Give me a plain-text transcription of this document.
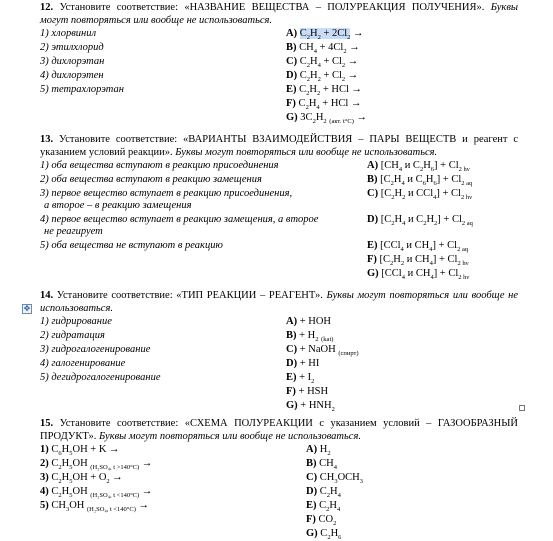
12. Установите соответствие: «НАЗВАНИЕ ВЕЩЕСТВА – ПОЛУРЕАКЦИЯ ПОЛУЧЕНИЯ». Буквы могут повторяться или вообще не использоваться.

1) хлорвинил
2) этилхлорид
3) дихлорэтан
4) дихлорэтен
5) тетрахлорэтан
A) $C_2H_2 + 2Cl_2$ →
B) $CH_4 + 4Cl_2$ →
C) $C_2H_4 + Cl_2$ →
D) $C_2H_2 + Cl_2$ →
E) $C_2H_2$ + HCl →
F) $C_2H_4$ + HCl →
G) $3C_2H_2$ $_{(акт. t^\circ C)}$ →

13. Установите соответствие: «ВАРИАНТЫ ВЗАИМОДЕЙСТВИЯ – ПАРЫ ВЕЩЕСТВ и реагент с указанием условий реакции». Буквы могут повторяться или вообще не использоваться.

1) оба вещества вступают в реакцию присоединения
2) оба вещества вступают в реакцию замещения
3) первое вещество вступает в реакцию присоединения,
а второе – в реакцию замещения
4) первое вещество вступает в реакцию замещения, а второе
не реагирует
5) оба вещества не вступают в реакцию
A) [$CH_4$ и $C_2H_6] + Cl_{2 h\nu}$
B) [$C_2H_4$ и $C_6H_6] + Cl_{2 aq}$
C) [$C_2H_2$ и $CCl_4] + Cl_{2 h\nu}$
D) [$C_2H_4$ и $C_2H_2] + Cl_{2 aq}$
E) [CCl$_4$ и $CH_4] + Cl_{2 aq}$
F) [$C_2H_2$ и $CH_4] + Cl_{2 h\nu}$
G) [CCl$_4$ и $CH_4] + Cl_{2 h\nu}$
✥

14. Установите соответствие: «ТИП РЕАКЦИИ – РЕАГЕНТ». Буквы могут повторяться или вообще не использоваться.

1) гидрирование
2) гидратация
3) гидрогалогенирование
4) галогенирование
5) дегидрогалогенирование
A) + HOH
$B) + H_2$ $_{(kat)}$
C) + NaOH $_{(спирт)}$
D) + HI
$E) + I_2$
F) + HSH
$G) + HNH_2$

15. Установите соответствие: «СХЕМА ПОЛУРЕАКЦИИ с указанием условий – ГАЗООБРАЗНЫЙ ПРОДУКТ». Буквы могут повторяться или вообще не использоваться.

1) $C_6H_5OH + K$ →
2) $C_2H_5OH$ $_{(H_2SO_4, t >140^\circ C)}$ →
3) $C_2H_5OH + O_2$ →
4) $C_2H_5OH$ $_{(H_2SO_4, t <140^\circ C)}$ →
5) $CH_3OH$ $_{(H_2SO_4, t <140^\circ C)}$ →
A) $H_2$
B) $CH_4$
C) $CH_3OCH_3$
D) $C_2H_4$
E) $C_2H_4$
F) $CO_2$
G) $C_2H_6$
